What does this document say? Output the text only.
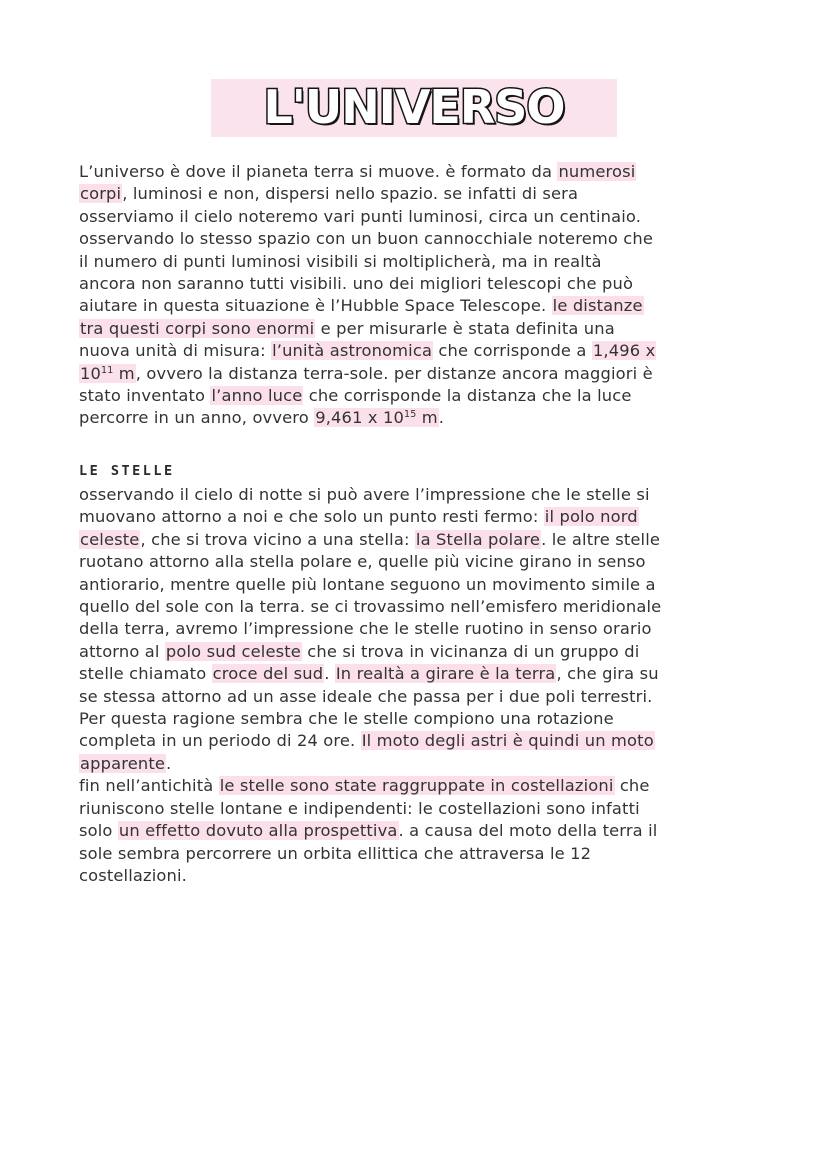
L'UNIVERSO

L’universo è dove il pianeta terra si muove. è formato da numerosi

corpi, luminosi e non, dispersi nello spazio. se infatti di sera

osserviamo il cielo noteremo vari punti luminosi, circa un centinaio.

osservando lo stesso spazio con un buon cannocchiale noteremo che

il numero di punti luminosi visibili si moltiplicherà, ma in realtà

ancora non saranno tutti visibili. uno dei migliori telescopi che può

aiutare in questa situazione è l’Hubble Space Telescope. le distanze

tra questi corpi sono enormi e per misurarle è stata definita una

nuova unità di misura: l’unità astronomica che corrisponde a 1,496 x

$10^{11}$ m, ovvero la distanza terra-sole. per distanze ancora maggiori è

stato inventato l’anno luce che corrisponde la distanza che la luce

percorre in un anno, ovvero 9,461 x $10^{15}$ m.

LE STELLE

osservando il cielo di notte si può avere l’impressione che le stelle si

muovano attorno a noi e che solo un punto resti fermo: il polo nord

celeste, che si trova vicino a una stella: la Stella polare. le altre stelle

ruotano attorno alla stella polare e, quelle più vicine girano in senso

antiorario, mentre quelle più lontane seguono un movimento simile a

quello del sole con la terra. se ci trovassimo nell’emisfero meridionale

della terra, avremo l’impressione che le stelle ruotino in senso orario

attorno al polo sud celeste che si trova in vicinanza di un gruppo di

stelle chiamato croce del sud. In realtà a girare è la terra, che gira su

se stessa attorno ad un asse ideale che passa per i due poli terrestri.

Per questa ragione sembra che le stelle compiono una rotazione

completa in un periodo di 24 ore. Il moto degli astri è quindi un moto

apparente.

fin nell’antichità le stelle sono state raggruppate in costellazioni che

riuniscono stelle lontane e indipendenti: le costellazioni sono infatti

solo un effetto dovuto alla prospettiva. a causa del moto della terra il

sole sembra percorrere un orbita ellittica che attraversa le 12

costellazioni.
